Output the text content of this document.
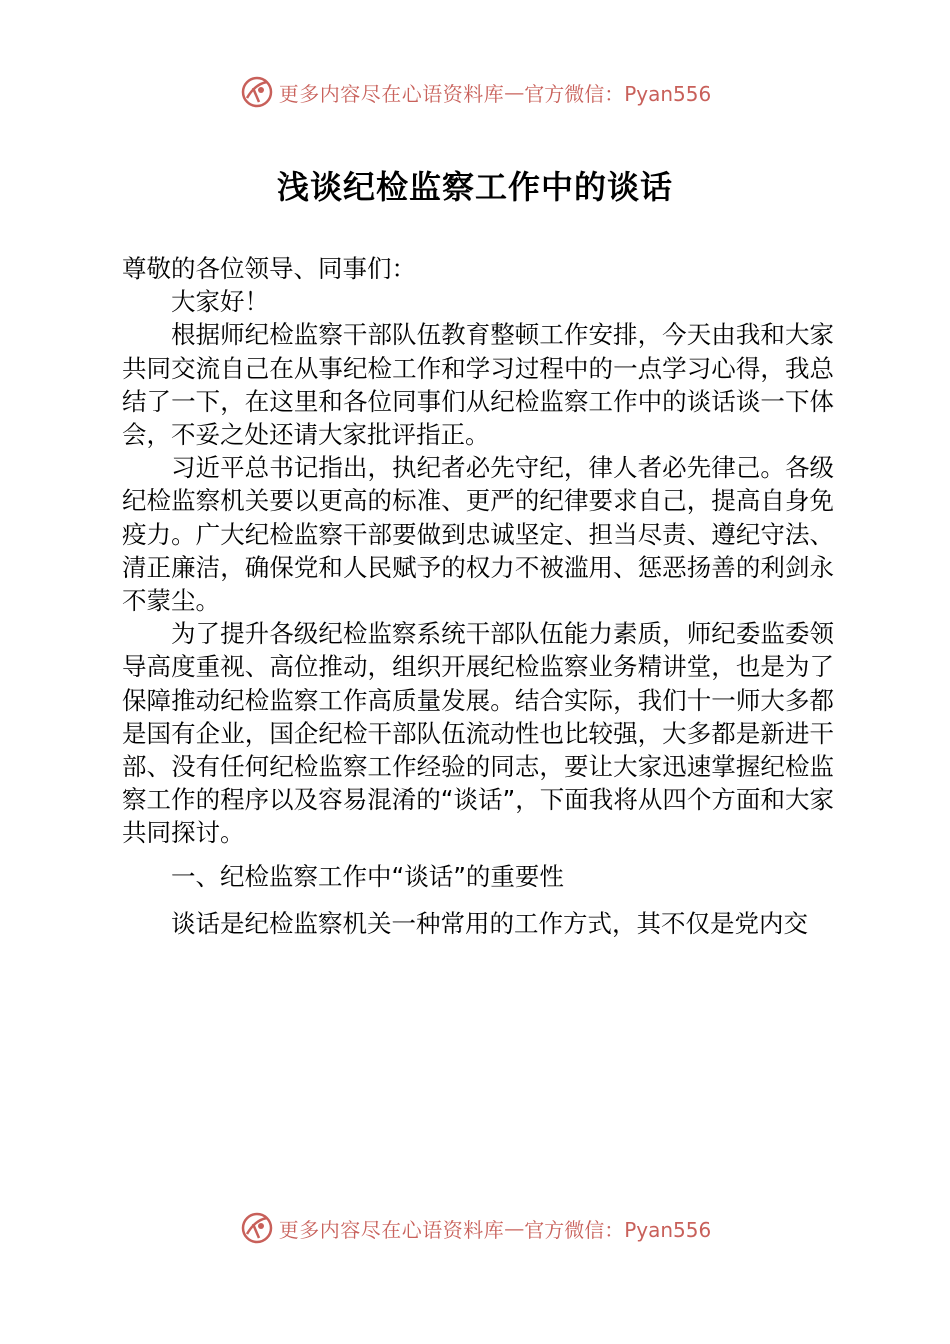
更多内容尽在心语资料库 — 官方微信：Pyan556
浅谈纪检监察工作中的谈话

尊敬的各位领导、同事们：

大家好！

根据师纪检监察干部队伍教育整顿工作安排，今天由我和大家共同交流自己在从事纪检工作和学习过程中的一点学习心得，我总结了一下，在这里和各位同事们从纪检监察工作中的谈话谈一下体会，不妥之处还请大家批评指正。

习近平总书记指出，执纪者必先守纪，律人者必先律己。各级纪检监察机关要以更高的标准、更严的纪律要求自己，提高自身免疫力。广大纪检监察干部要做到忠诚坚定、担当尽责、遵纪守法、清正廉洁，确保党和人民赋予的权力不被滥用、惩恶扬善的利剑永不蒙尘。

为了提升各级纪检监察系统干部队伍能力素质，师纪委监委领导高度重视、高位推动，组织开展纪检监察业务精讲堂，也是为了保障推动纪检监察工作高质量发展。结合实际，我们十一师大多都是国有企业，国企纪检干部队伍流动性也比较强，大多都是新进干部、没有任何纪检监察工作经验的同志，要让大家迅速掌握纪检监察工作的程序以及容易混淆的“谈话”，下面我将从四个方面和大家共同探讨。

一、纪检监察工作中“谈话”的重要性

谈话是纪检监察机关一种常用的工作方式，其不仅是党内交

更多内容尽在心语资料库 — 官方微信：Pyan556
